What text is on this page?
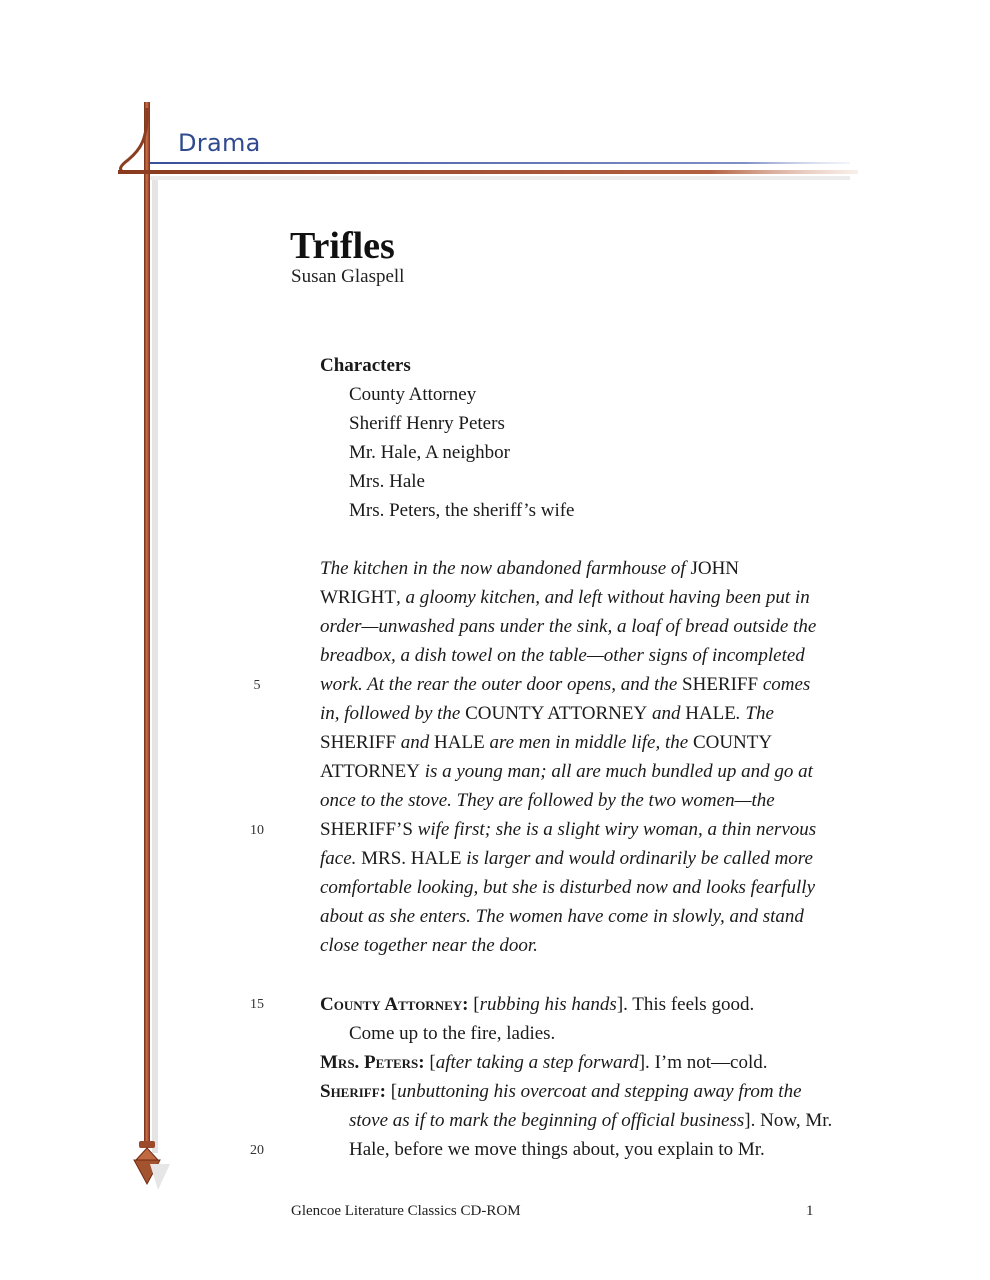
Drama
Trifles
Susan Glaspell
Characters
County Attorney
Sheriff Henry Peters
Mr. Hale, A neighbor
Mrs. Hale
Mrs. Peters, the sheriff’s wife
The kitchen in the now abandoned farmhouse of JOHN
WRIGHT, a gloomy kitchen, and left without having been put in
order—unwashed pans under the sink, a loaf of bread outside the
breadbox, a dish towel on the table—other signs of incompleted
work. At the rear the outer door opens, and the SHERIFF comes
in, followed by the COUNTY ATTORNEY and HALE. The
SHERIFF and HALE are men in middle life, the COUNTY
ATTORNEY is a young man; all are much bundled up and go at
once to the stove. They are followed by the two women—the
SHERIFF’S wife first; she is a slight wiry woman, a thin nervous
face. MRS. HALE is larger and would ordinarily be called more
comfortable looking, but she is disturbed now and looks fearfully
about as she enters. The women have come in slowly, and stand
close together near the door.
County Attorney: [rubbing his hands]. This feels good.
Come up to the fire, ladies.
Mrs. Peters: [after taking a step forward]. I’m not—cold.
Sheriff: [unbuttoning his overcoat and stepping away from the
stove as if to mark the beginning of official business]. Now, Mr.
Hale, before we move things about, you explain to Mr.
5
10
15
20
Glencoe Literature Classics CD-ROM	1
